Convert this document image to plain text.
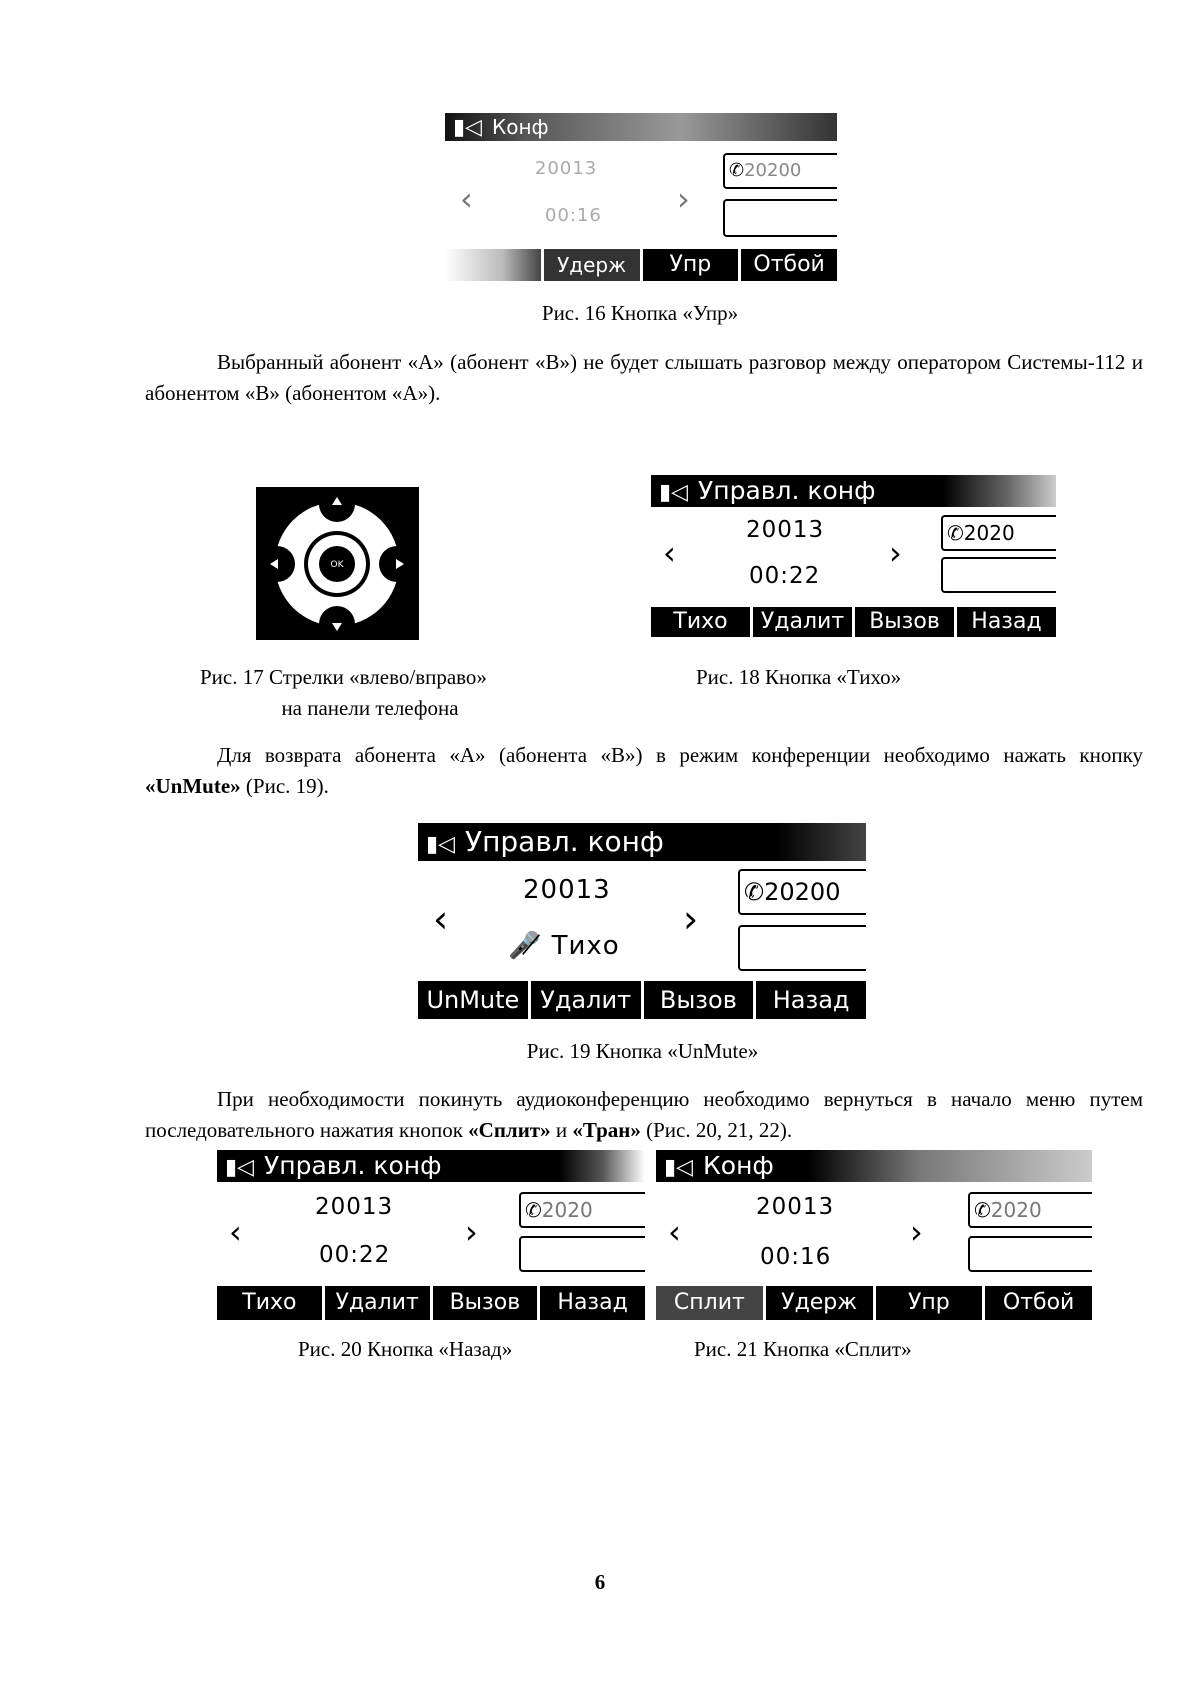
▮◁ Конф
20013
00:16
‹	›
✆20200
Удерж	Упр	Отбой
Рис. 16 Кнопка «Упр»
Выбранный абонент «А» (абонент «В») не будет слышать разговор между оператором Системы-112 и абонентом «В» (абонентом «А»).
OK
Рис. 17 Стрелки «влево/вправо»
на панели телефона
▮◁ Управл. конф
20013
00:22
‹	›
✆2020
Тихо	Удалит	Вызов	Назад
Рис. 18 Кнопка «Тихо»
Для возврата абонента «А» (абонента «В») в режим конференции необходимо нажать кнопку «UnMute» (Рис. 19).
▮◁ Управл. конф
20013
🎤̸ Тихо
‹	›
✆20200
UnMute Удалит	Вызов	Назад
Рис. 19 Кнопка «UnMute»
При необходимости покинуть аудиоконференцию необходимо вернуться в начало меню путем последовательного нажатия кнопок «Сплит» и «Тран» (Рис. 20, 21, 22).
▮◁ Управл. конф
20013
00:22
‹	›
✆2020
Тихо	Удалит	Вызов	Назад
Рис. 20 Кнопка «Назад»
▮◁ Конф
20013
00:16
‹	›
✆2020
Сплит	Удерж	Упр	Отбой
Рис. 21 Кнопка «Сплит»
6
